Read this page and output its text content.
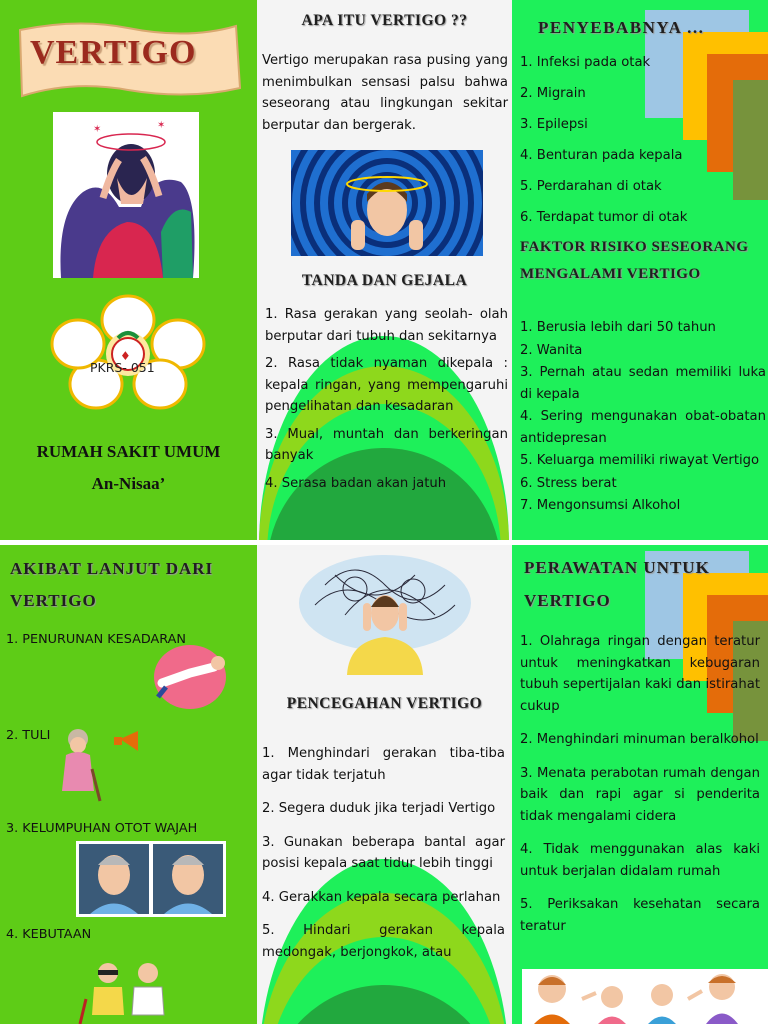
VERTIGO
✶	✶
♦
PKRS- 051
RUMAH SAKIT UMUM
An-Nisaa’
APA ITU VERTIGO ??
Vertigo merupakan rasa pusing yang menimbulkan sensasi palsu bahwa seseorang atau lingkungan sekitar berputar dan bergerak.
TANDA DAN GEJALA
1. Rasa gerakan yang seolah- olah berputar dari tubuh dan sekitarnya
2. Rasa tidak nyaman dikepala : kepala ringan, yang mempengaruhi pengelihatan dan kesadaran
3. Mual, muntah dan berkeringan banyak
4. Serasa badan akan jatuh
PENYEBABNYA ...
1. Infeksi pada otak
2. Migrain
3. Epilepsi
4. Benturan pada kepala
5. Perdarahan di otak
6. Terdapat tumor di otak
FAKTOR RISIKO SESEORANG MENGALAMI VERTIGO
1. Berusia lebih dari 50 tahun
2. Wanita
3. Pernah atau sedan memiliki luka di kepala
4. Sering mengunakan obat-obatan antidepresan
5. Keluarga memiliki riwayat Vertigo
6. Stress berat
7. Mengonsumsi Alkohol
AKIBAT LANJUT DARI VERTIGO
1. PENURUNAN KESADARAN
2. TULI
3. KELUMPUHAN OTOT WAJAH
4. KEBUTAAN
PENCEGAHAN VERTIGO
1. Menghindari gerakan tiba-tiba agar tidak terjatuh
2. Segera duduk jika terjadi Vertigo
3. Gunakan beberapa bantal agar posisi kepala saat tidur lebih tinggi
4. Gerakkan kepala secara perlahan
5. Hindari gerakan kepala medongak, berjongkok, atau
PERAWATAN UNTUK VERTIGO
1. Olahraga ringan dengan teratur untuk meningkatkan kebugaran tubuh sepertijalan kaki dan istirahat cukup
2. Menghindari minuman beralkohol
3. Menata perabotan rumah dengan baik dan rapi agar si penderita tidak mengalami cidera
4. Tidak menggunakan alas kaki untuk berjalan didalam rumah
5. Periksakan kesehatan secara teratur
